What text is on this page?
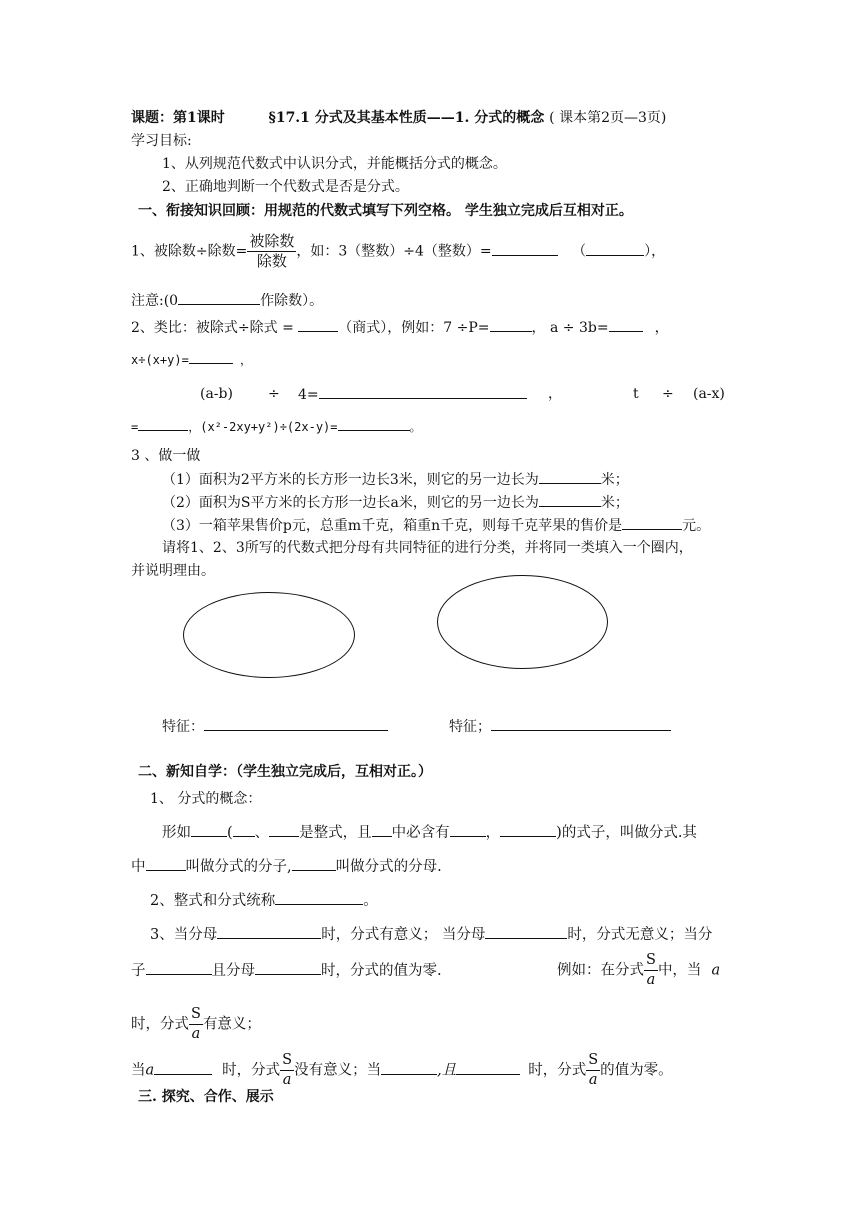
课题：第1课时	§17.1 分式及其基本性质——1. 分式的概念 ( 课本第2页—3页)
学习目标:
1、从列规范代数式中认识分式，并能概括分式的概念。
2、正确地判断一个代数式是否是分式。
一、衔接知识回顾：用规范的代数式填写下列空格。 学生独立完成后互相对正。
1、被除数÷除数= $\frac{\text{被除数}}{\text{除数}}$ ，如：3（整数）÷4（整数）=	（	），
注意:(0	作除数）。
2、类比：被除式÷除式 =	（商式），例如：7 ÷P=	， a ÷ 3b=	，
x÷(x+y)=	，
(a-b)	÷ 4=	，	t ÷ (a-x)
=	，(x²-2xy+y²)÷(2x-y)=	。
3 、做一做
（1）面积为2平方米的长方形一边长3米，则它的另一边长为	米；
（2）面积为S平方米的长方形一边长a米，则它的另一边长为	米；
（3）一箱苹果售价p元，总重m千克，箱重n千克，则每千克苹果的售价是	元。
请将1、2、3所写的代数式把分母有共同特征的进行分类，并将同一类填入一个圈内，
并说明理由。
特征：	特征；
二、新知自学：（学生独立完成后，互相对正。）
1、 分式的概念：
形如 ( 、 是整式，且 中必含有 ，	)的式子，叫做分式.其
中	叫做分式的分子,	叫做分式的分母.
2、整式和分式统称	。
3、当分母	时，分式有意义； 当分母	时，分式无意义；当分
子	且分母	时，分式的值为零.	例如：在分式 $\frac{S}{a}$ 中，当 a
时，分式 $\frac{S}{a}$ 有意义；
当a	时，分式 $\frac{S}{a}$ 没有意义；当	,且	时，分式 $\frac{S}{a}$ 的值为零。
三. 探究、合作、展示
